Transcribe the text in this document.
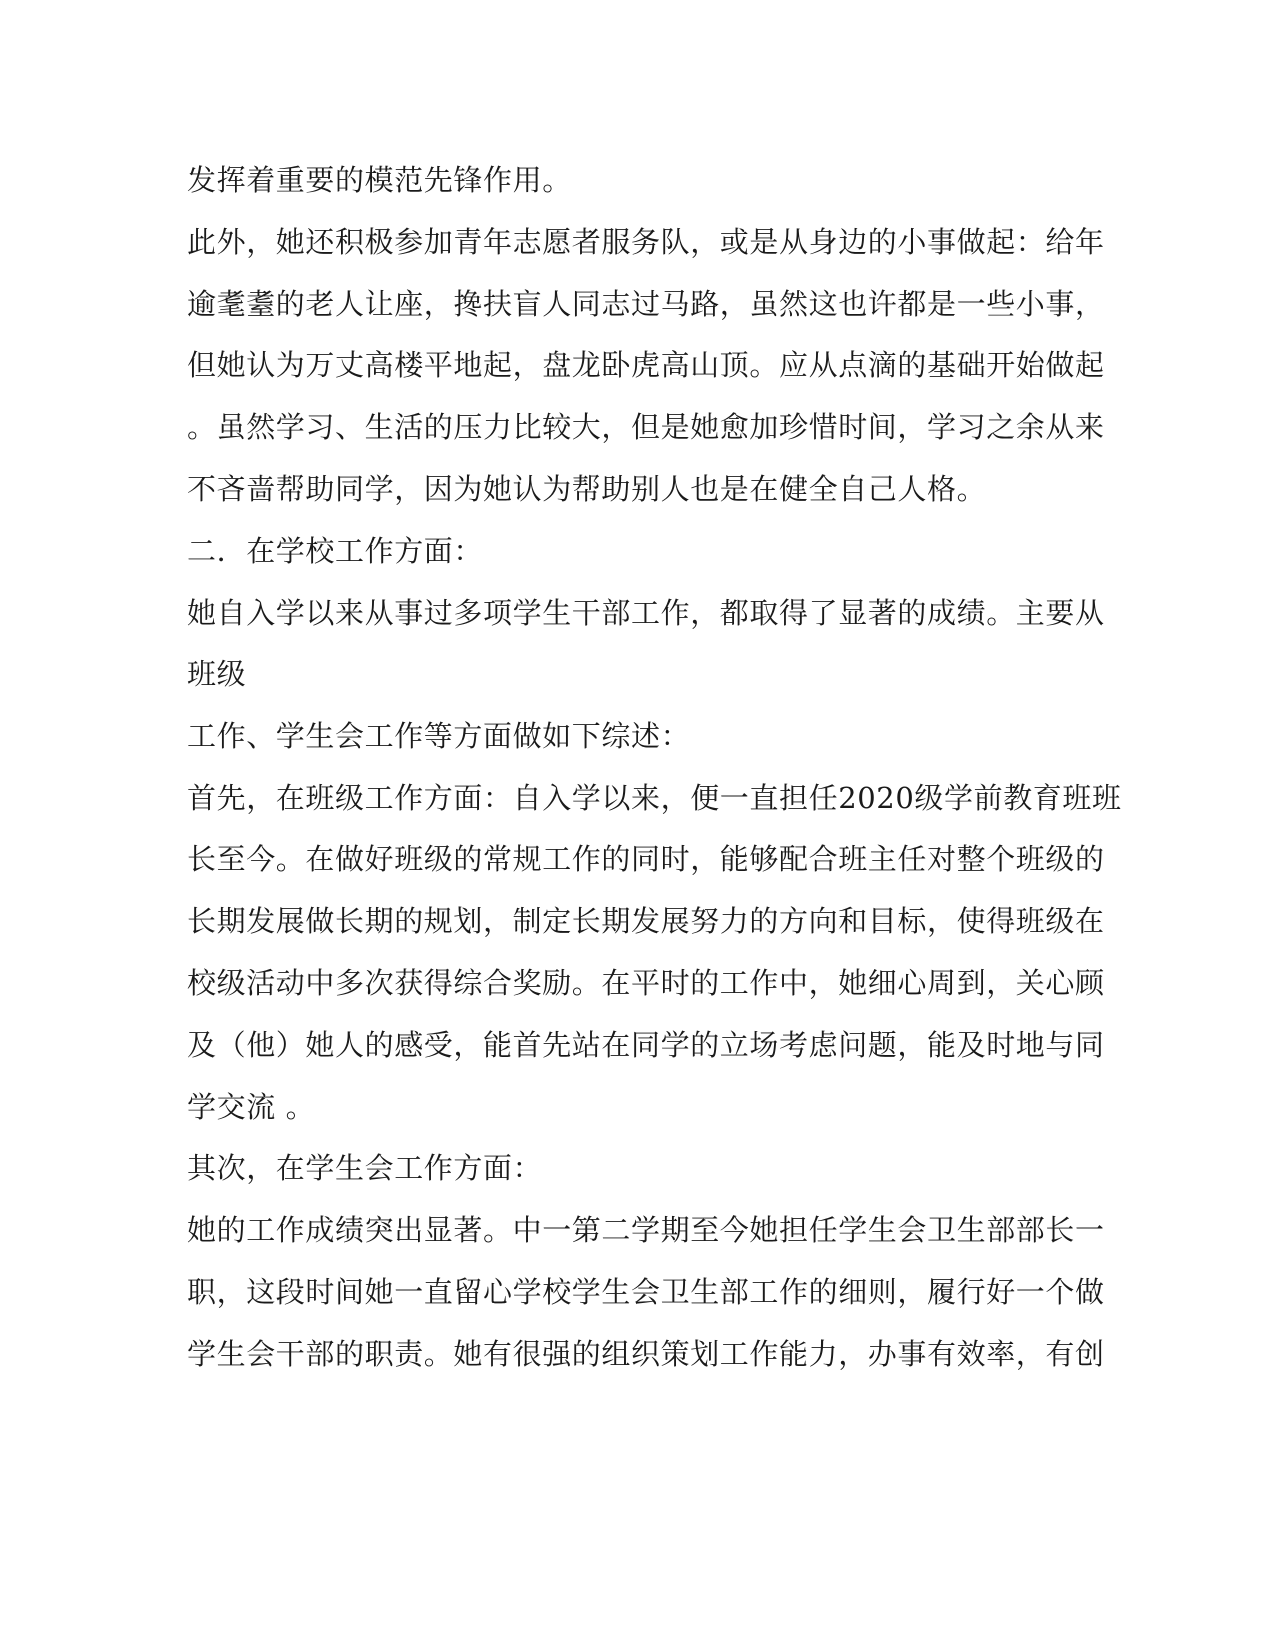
发挥着重要的模范先锋作用。

此外，她还积极参加青年志愿者服务队，或是从身边的小事做起：给年

逾耄耋的老人让座，搀扶盲人同志过马路，虽然这也许都是一些小事，

但她认为万丈高楼平地起，盘龙卧虎高山顶。应从点滴的基础开始做起

。虽然学习、生活的压力比较大，但是她愈加珍惜时间，学习之余从来

不吝啬帮助同学，因为她认为帮助别人也是在健全自己人格。

二．在学校工作方面：

她自入学以来从事过多项学生干部工作，都取得了显著的成绩。主要从

班级

工作、学生会工作等方面做如下综述：

首先，在班级工作方面：自入学以来，便一直担任2020级学前教育班班

长至今。在做好班级的常规工作的同时，能够配合班主任对整个班级的

长期发展做长期的规划，制定长期发展努力的方向和目标，使得班级在

校级活动中多次获得综合奖励。在平时的工作中，她细心周到，关心顾

及（他）她人的感受，能首先站在同学的立场考虑问题，能及时地与同

学交流 。

其次，在学生会工作方面：

她的工作成绩突出显著。中一第二学期至今她担任学生会卫生部部长一

职，这段时间她一直留心学校学生会卫生部工作的细则，履行好一个做

学生会干部的职责。她有很强的组织策划工作能力，办事有效率，有创
